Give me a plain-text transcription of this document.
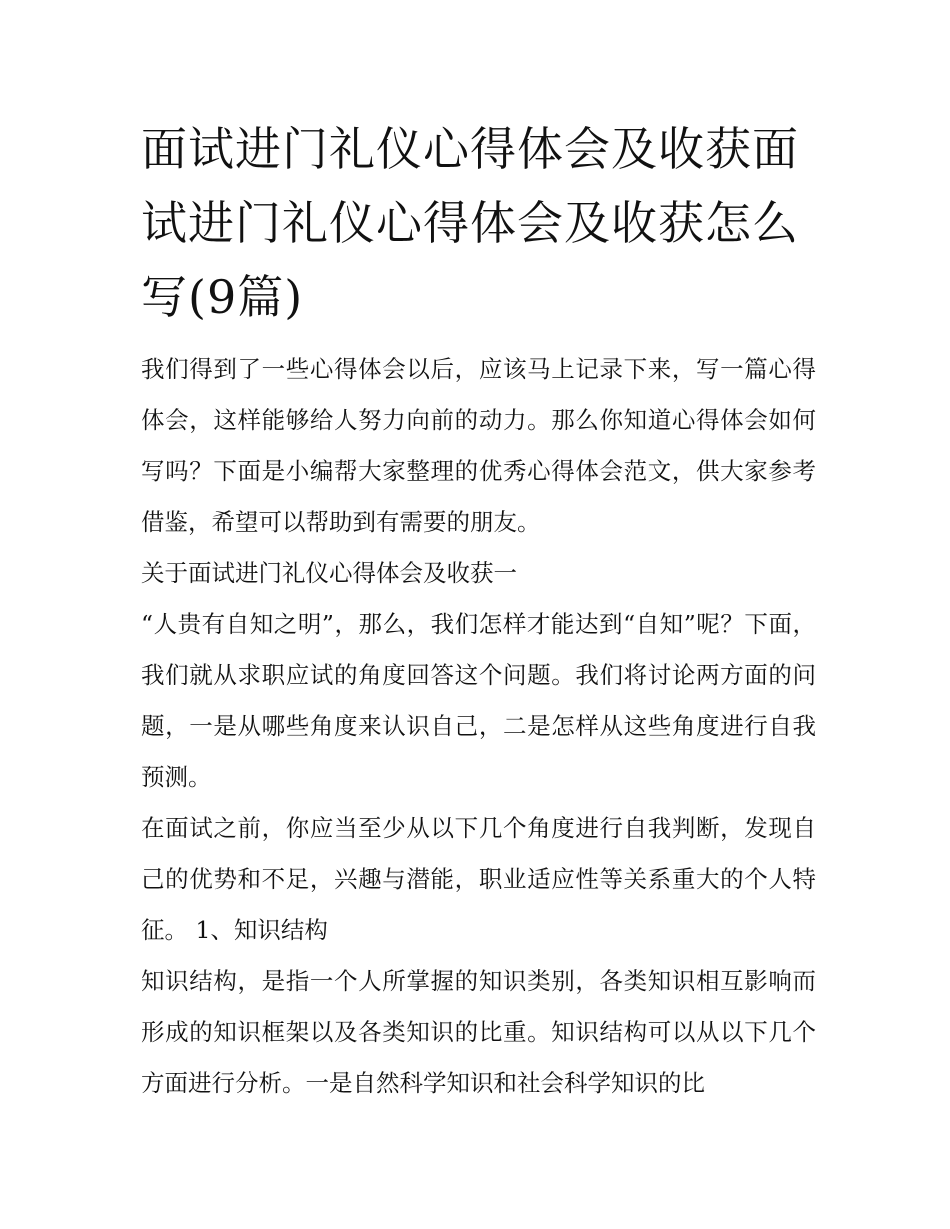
面试进门礼仪心得体会及收获面试进门礼仪心得体会及收获怎么写(9篇)

我们得到了一些心得体会以后，应该马上记录下来，写一篇心得体会，这样能够给人努力向前的动力。那么你知道心得体会如何写吗？下面是小编帮大家整理的优秀心得体会范文，供大家参考借鉴，希望可以帮助到有需要的朋友。

关于面试进门礼仪心得体会及收获一

“人贵有自知之明”，那么，我们怎样才能达到“自知”呢？下面，我们就从求职应试的角度回答这个问题。我们将讨论两方面的问题，一是从哪些角度来认识自己，二是怎样从这些角度进行自我预测。

在面试之前，你应当至少从以下几个角度进行自我判断，发现自己的优势和不足，兴趣与潜能，职业适应性等关系重大的个人特征。 1、知识结构

知识结构，是指一个人所掌握的知识类别，各类知识相互影响而形成的知识框架以及各类知识的比重。知识结构可以从以下几个方面进行分析。一是自然科学知识和社会科学知识的比
